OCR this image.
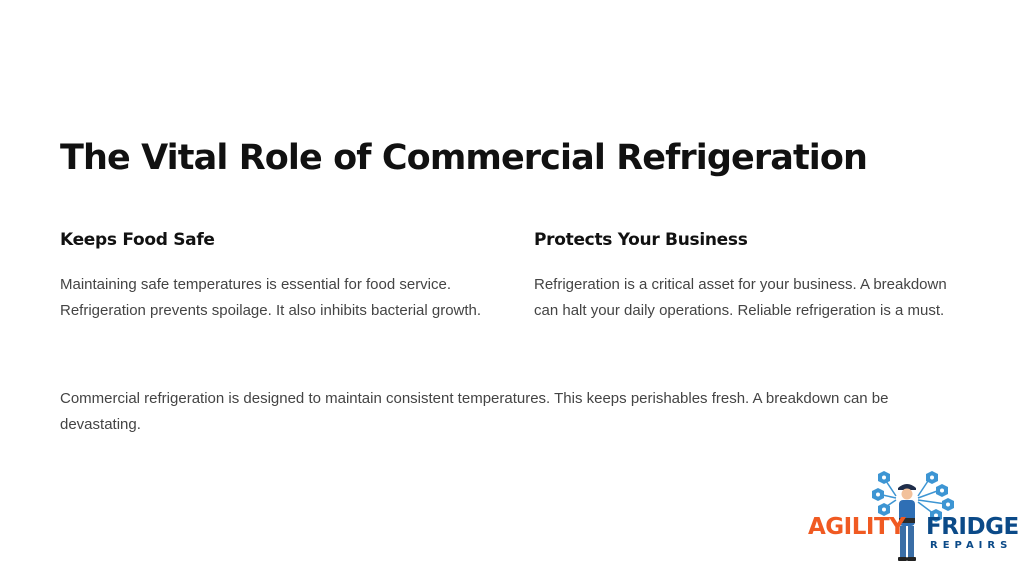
The Vital Role of Commercial Refrigeration
Keeps Food Safe

Maintaining safe temperatures is essential for food service. Refrigeration prevents spoilage. It also inhibits bacterial growth.

Protects Your Business

Refrigeration is a critical asset for your business. A breakdown can halt your daily operations. Reliable refrigeration is a must.

Commercial refrigeration is designed to maintain consistent temperatures. This keeps perishables fresh. A breakdown can be devastating.

AGILITY FRIDGE
REPAIRS
